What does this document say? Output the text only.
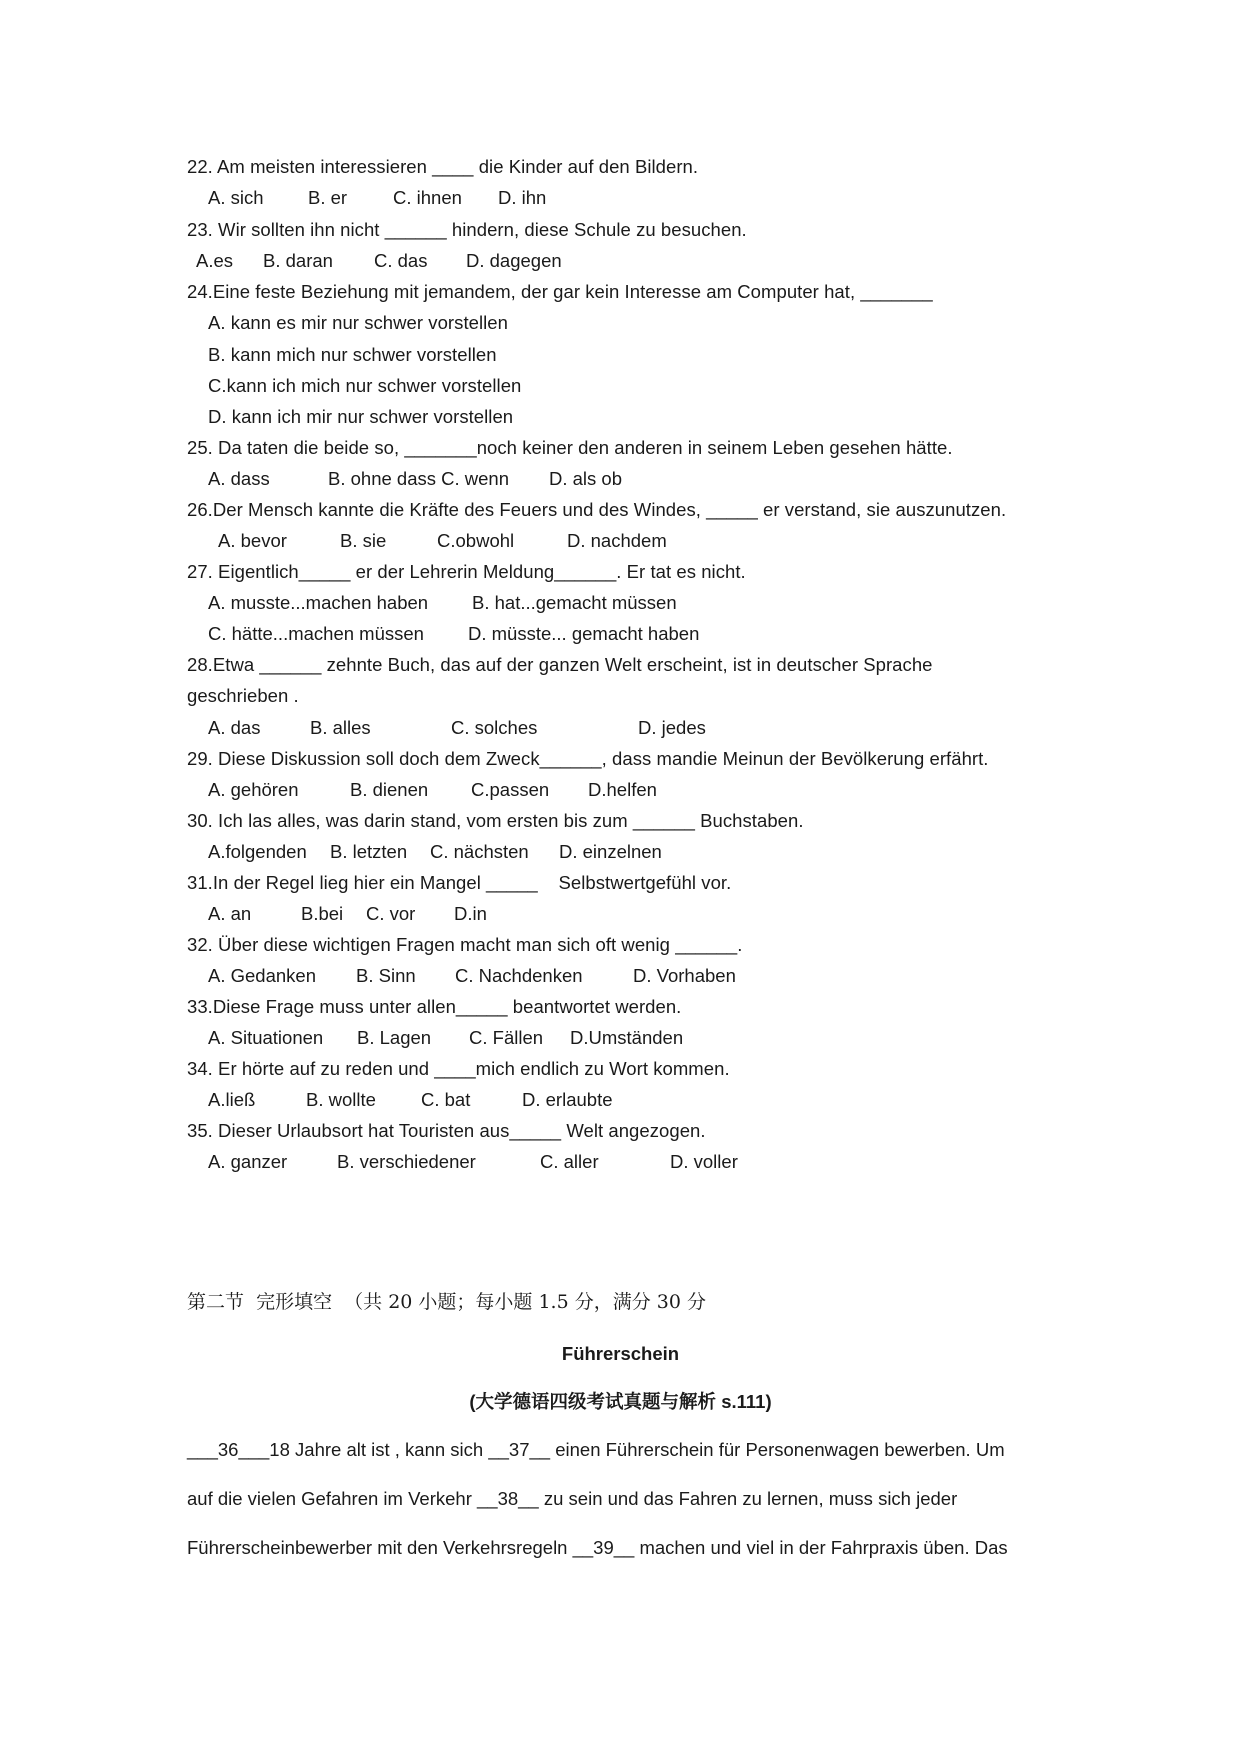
22. Am meisten interessieren ____ die Kinder auf den Bildern.

A. sich

B. er

C. ihnen

D. ihn

23. Wir sollten ihn nicht ______ hindern, diese Schule zu besuchen.

A.es

B. daran

C. das

D. dagegen

24.Eine feste Beziehung mit jemandem, der gar kein Interesse am Computer hat, _______
A. kann es mir nur schwer vorstellen
B. kann mich nur schwer vorstellen
C.kann ich mich nur schwer vorstellen
D. kann ich mir nur schwer vorstellen
25. Da taten die beide so, _______noch keiner den anderen in seinem Leben gesehen hätte.

A. dass

	B. ohne dass C. wenn

D. als ob

26.Der Mensch kannte die Kräfte des Feuers und des Windes, _____ er verstand, sie auszunutzen.

A. bevor

	B. sie

	C.obwohl

	D. nachdem

27. Eigentlich_____ er der Lehrerin Meldung______. Er tat es nicht.

A. musste...machen haben

B. hat...gemacht müssen

C. hätte...machen müssen

D. müsste... gemacht haben

28.Etwa ______ zehnte Buch, das auf der ganzen Welt erscheint, ist in deutscher Sprache
geschrieben .

A. das

	B. alles

	C. solches

	D. jedes

29. Diese Diskussion soll doch dem Zweck______, dass mandie Meinun der Bevölkerung erfährt.

A. gehören

	B. dienen

C.passen

D.helfen

30. Ich las alles, was darin stand, vom ersten bis zum ______ Buchstaben.

A.folgenden

B. letzten

C. nächsten

D. einzelnen

31.In der Regel lieg hier ein Mangel _____    Selbstwertgefühl vor.

A. an

	B.bei

C. vor

D.in

32. Über diese wichtigen Fragen macht man sich oft wenig ______.

A. Gedanken

B. Sinn

C. Nachdenken

	D. Vorhaben

33.Diese Frage muss unter allen_____ beantwortet werden.

A. Situationen

B. Lagen

C. Fällen

D.Umständen

34. Er hörte auf zu reden und ____mich endlich zu Wort kommen.

A.ließ

	B. wollte

C. bat

	D. erlaubte

35. Dieser Urlaubsort hat Touristen aus_____ Welt angezogen.

A. ganzer

	B. verschiedener

	C. aller

	D. voller

第二节  完形填空  （共 20 小题；每小题 1.5 分，满分 30 分
Führerschein
(大学德语四级考试真题与解析 s.111)
___36___18 Jahre alt ist , kann sich __37__ einen Führerschein für Personenwagen bewerben. Um
auf die vielen Gefahren im Verkehr __38__ zu sein und das Fahren zu lernen, muss sich jeder
Führerscheinbewerber mit den Verkehrsregeln __39__ machen und viel in der Fahrpraxis üben. Das
